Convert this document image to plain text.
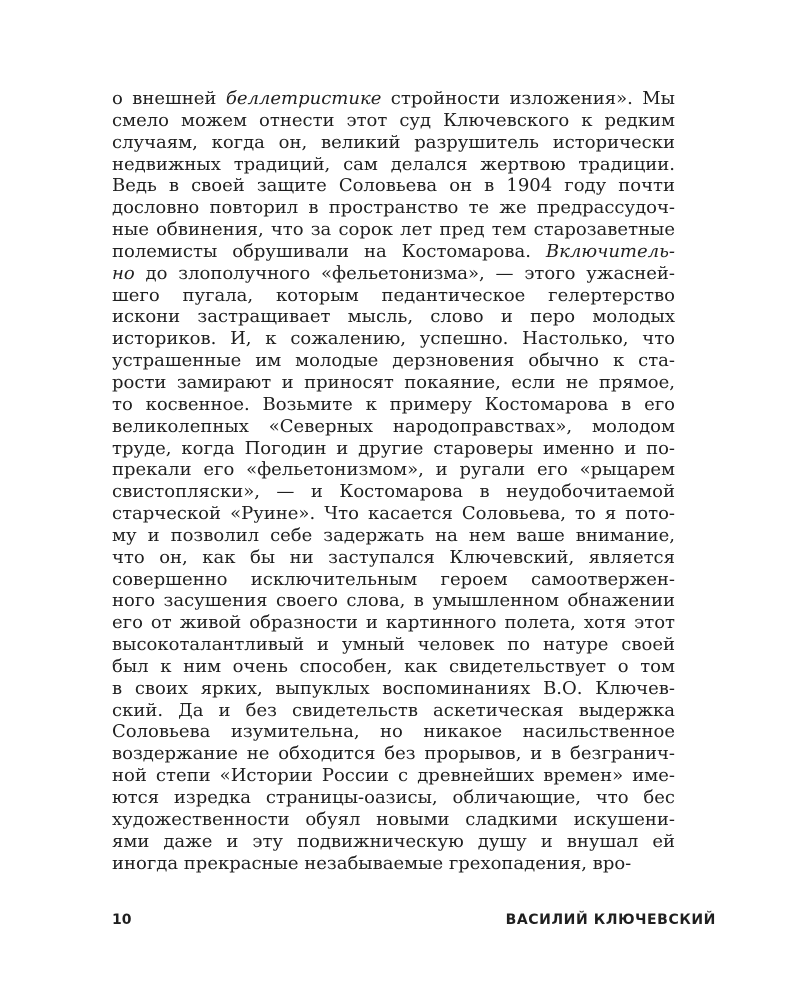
о внешней беллетристике стройности изложения». Мы
смело можем отнести этот суд Ключевского к редким
случаям, когда он, великий разрушитель исторически
недвижных традиций, сам делался жертвою традиции.
Ведь в своей защите Соловьева он в 1904 году почти
дословно повторил в пространство те же предрассудоч-
ные обвинения, что за сорок лет пред тем старозаветные
полемисты обрушивали на Костомарова. Включитель-
но до злополучного «фельетонизма», — этого ужасней-
шего пугала, которым педантическое гелертерство
искони застращивает мысль, слово и перо молодых
историков. И, к сожалению, успешно. Настолько, что
устрашенные им молодые дерзновения обычно к ста-
рости замирают и приносят покаяние, если не прямое,
то косвенное. Возьмите к примеру Костомарова в его
великолепных «Северных народоправствах», молодом
труде, когда Погодин и другие староверы именно и по-
прекали его «фельетонизмом», и ругали его «рыцарем
свистопляски», — и Костомарова в неудобочитаемой
старческой «Руине». Что касается Соловьева, то я пото-
му и позволил себе задержать на нем ваше внимание,
что он, как бы ни заступался Ключевский, является
совершенно исключительным героем самоотвержен-
ного засушения своего слова, в умышленном обнажении
его от живой образности и картинного полета, хотя этот
высокоталантливый и умный человек по натуре своей
был к ним очень способен, как свидетельствует о том
в своих ярких, выпуклых воспоминаниях В.О. Ключев-
ский. Да и без свидетельств аскетическая выдержка
Соловьева изумительна, но никакое насильственное
воздержание не обходится без прорывов, и в безгранич-
ной степи «Истории России с древнейших времен» име-
ются изредка страницы-оазисы, обличающие, что бес
художественности обуял новыми сладкими искушени-
ями даже и эту подвижническую душу и внушал ей
иногда прекрасные незабываемые грехопадения, вро-
10	ВАСИЛИЙ КЛЮЧЕВСКИЙ
